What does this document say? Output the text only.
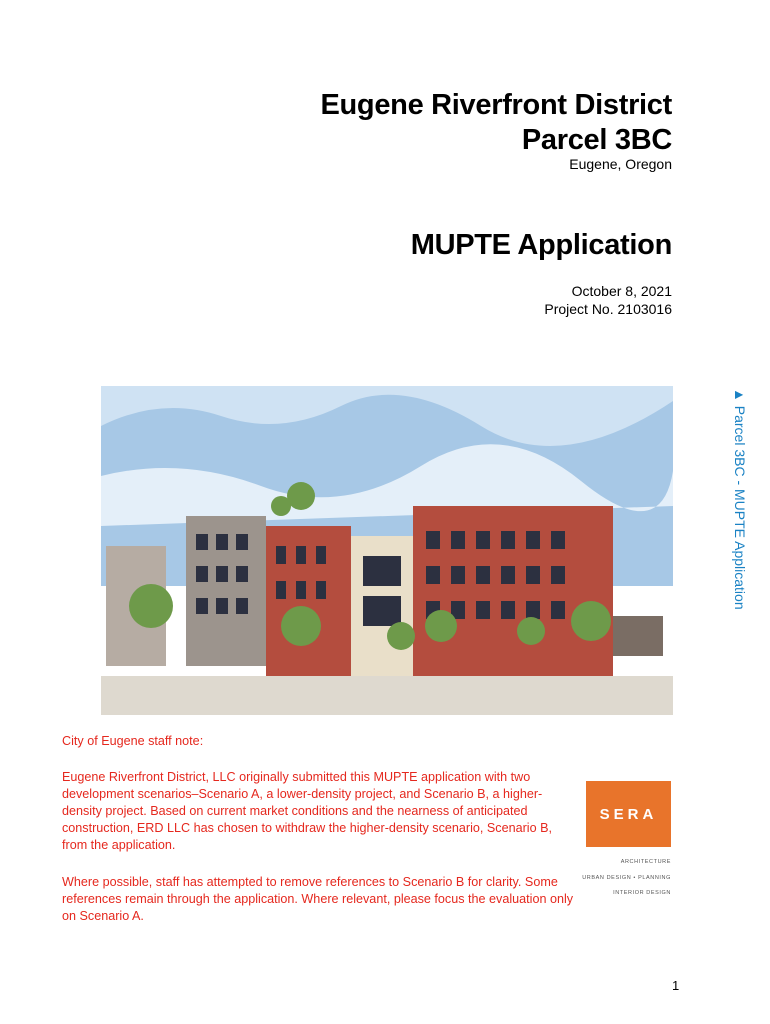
Eugene Riverfront District
Parcel 3BC
Eugene, Oregon
MUPTE Application
October 8, 2021
Project No. 2103016
▲ Parcel 3BC - MUPTE Application
City of Eugene staff note:
Eugene Riverfront District, LLC originally submitted this MUPTE application with two development scenarios–Scenario A, a lower-density project, and Scenario B, a higher-density project. Based on current market conditions and the nearness of anticipated construction, ERD LLC has chosen to withdraw the higher-density scenario, Scenario B, from the application.
Where possible, staff has attempted to remove references to Scenario B for clarity. Some references remain through the application. Where relevant, please focus the evaluation only on Scenario A.
SERA
ARCHITECTURE
URBAN DESIGN • PLANNING
INTERIOR DESIGN
1
